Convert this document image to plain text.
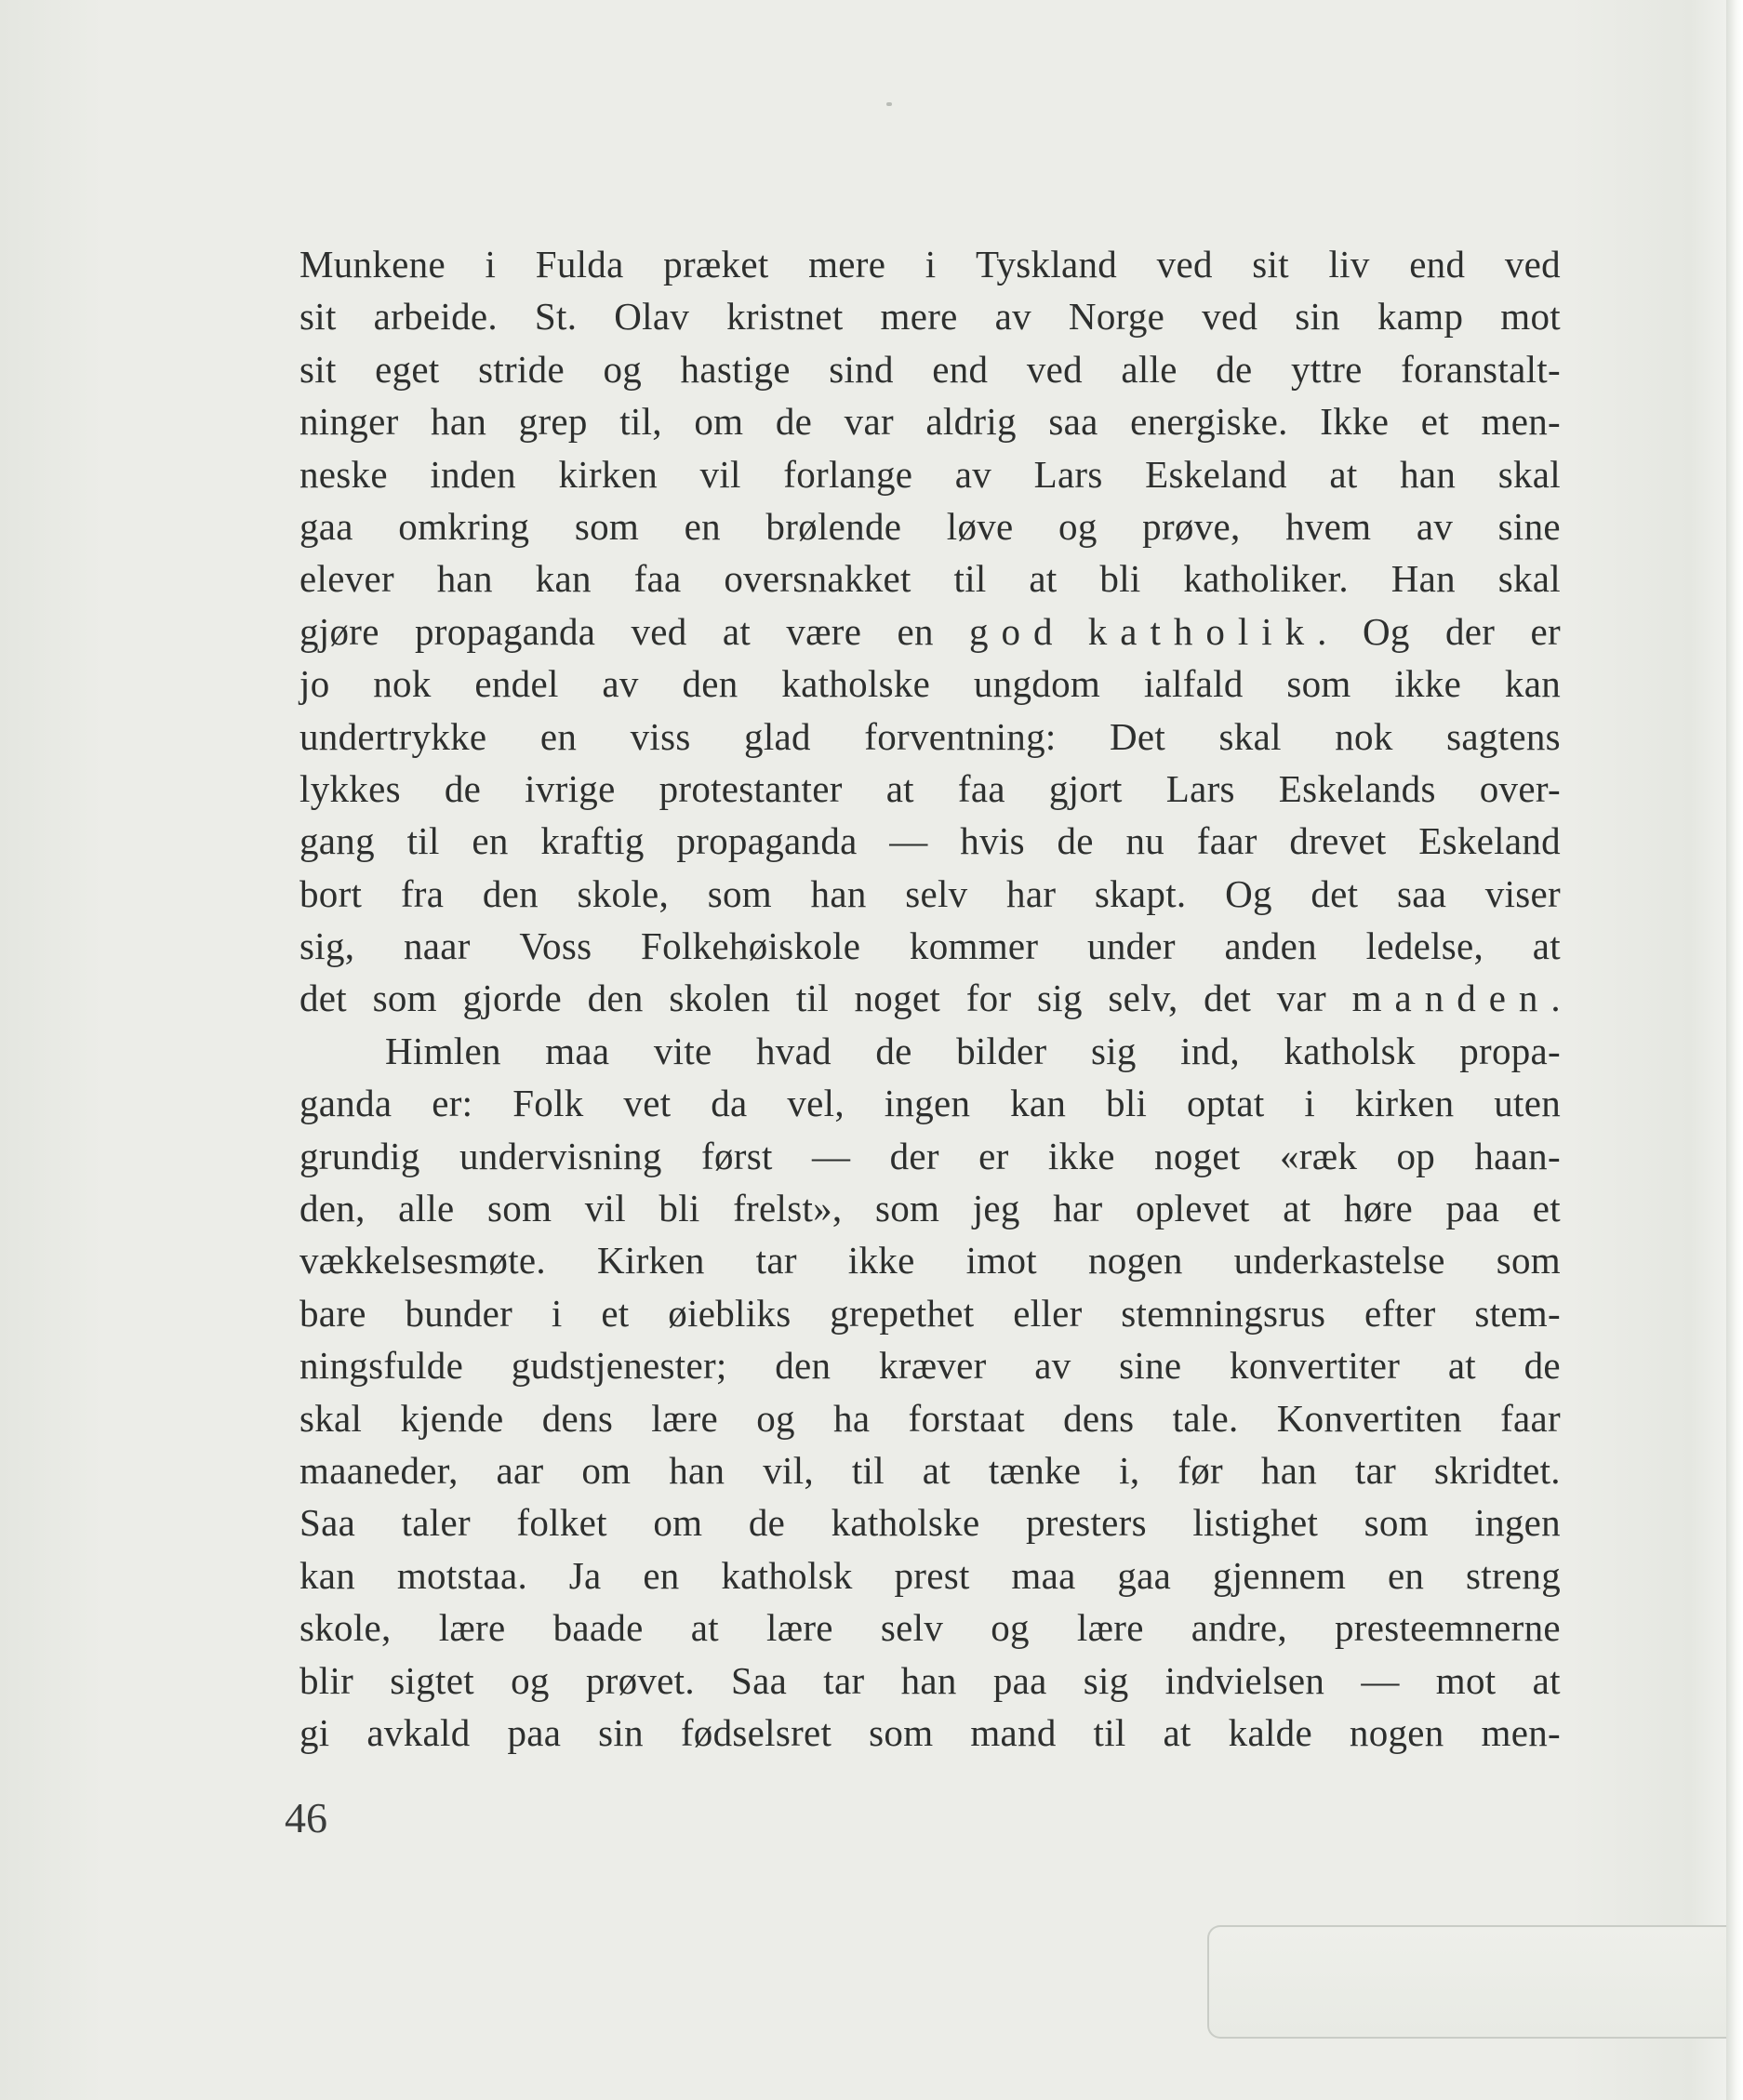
Munkene i Fulda præket mere i Tyskland ved sit liv end ved
sit arbeide. St. Olav kristnet mere av Norge ved sin kamp mot
sit eget stride og hastige sind end ved alle de yttre foranstalt-
ninger han grep til, om de var aldrig saa energiske. Ikke et men-
neske inden kirken vil forlange av Lars Eskeland at han skal
gaa omkring som en brølende løve og prøve, hvem av sine
elever han kan faa oversnakket til at bli katholiker. Han skal
gjøre propaganda ved at være en god katholik. Og der er
jo nok endel av den katholske ungdom ialfald som ikke kan
undertrykke en viss glad forventning: Det skal nok sagtens
lykkes de ivrige protestanter at faa gjort Lars Eskelands over-
gang til en kraftig propaganda — hvis de nu faar drevet Eskeland
bort fra den skole, som han selv har skapt. Og det saa viser
sig, naar Voss Folkehøiskole kommer under anden ledelse, at
det som gjorde den skolen til noget for sig selv, det var manden.
Himlen maa vite hvad de bilder sig ind, katholsk propa-
ganda er: Folk vet da vel, ingen kan bli optat i kirken uten
grundig undervisning først — der er ikke noget «ræk op haan-
den, alle som vil bli frelst», som jeg har oplevet at høre paa et
vækkelsesmøte. Kirken tar ikke imot nogen underkastelse som
bare bunder i et øiebliks grepethet eller stemningsrus efter stem-
ningsfulde gudstjenester; den kræver av sine konvertiter at de
skal kjende dens lære og ha forstaat dens tale. Konvertiten faar
maaneder, aar om han vil, til at tænke i, før han tar skridtet.
Saa taler folket om de katholske presters listighet som ingen
kan motstaa. Ja en katholsk prest maa gaa gjennem en streng
skole, lære baade at lære selv og lære andre, presteemnerne
blir sigtet og prøvet. Saa tar han paa sig indvielsen — mot at
gi avkald paa sin fødselsret som mand til at kalde nogen men-
46
